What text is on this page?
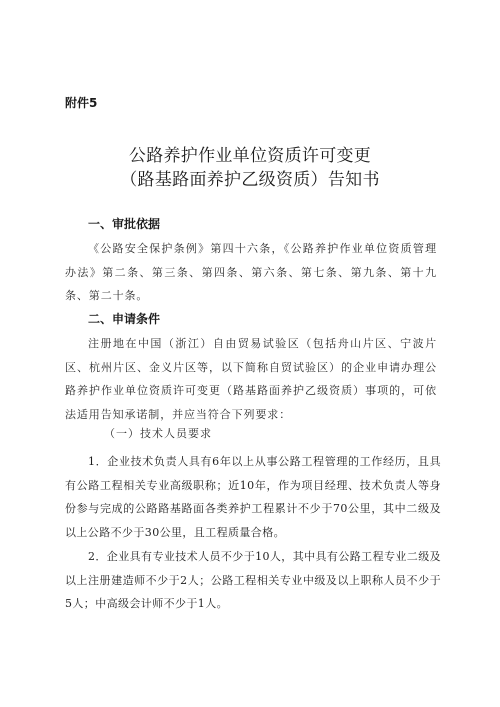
附件5
公路养护作业单位资质许可变更
（路基路面养护乙级资质）告知书
一、审批依据

《公路安全保护条例》第四十六条，《公路养护作业单位资质管理办法》第二条、第三条、第四条、第六条、第七条、第九条、第十九条、第二十条。

二、申请条件

注册地在中国（浙江）自由贸易试验区（包括舟山片区、宁波片区、杭州片区、金义片区等，以下简称自贸试验区）的企业申请办理公路养护作业单位资质许可变更（路基路面养护乙级资质）事项的，可依法适用告知承诺制，并应当符合下列要求：

（一）技术人员要求

1．企业技术负责人具有6年以上从事公路工程管理的工作经历，且具有公路工程相关专业高级职称；近10年，作为项目经理、技术负责人等身份参与完成的公路路基路面各类养护工程累计不少于70公里，其中二级及以上公路不少于30公里，且工程质量合格。

2．企业具有专业技术人员不少于10人，其中具有公路工程专业二级及以上注册建造师不少于2人；公路工程相关专业中级及以上职称人员不少于5人；中高级会计师不少于1人。
